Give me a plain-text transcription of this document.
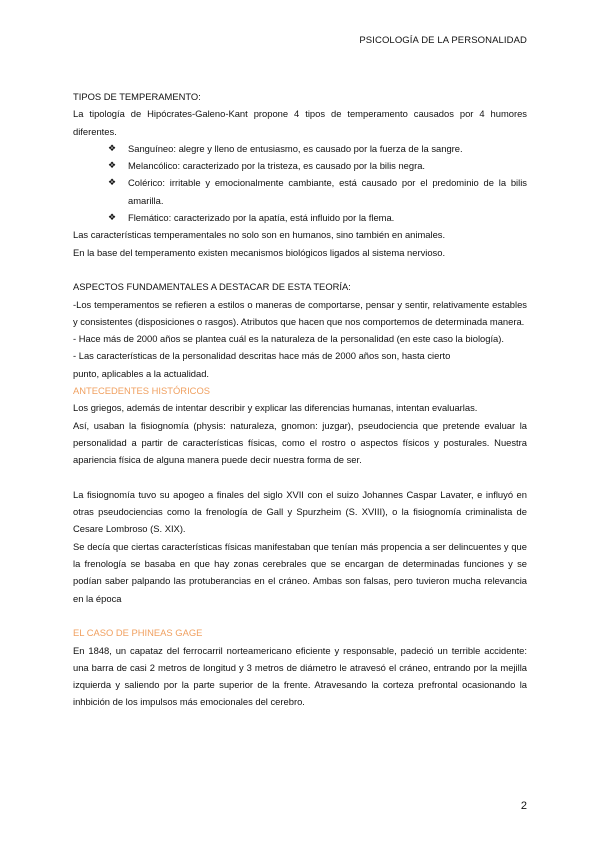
PSICOLOGÍA DE LA PERSONALIDAD

TIPOS DE TEMPERAMENTO:

La tipología de Hipócrates-Galeno-Kant propone 4 tipos de temperamento causados por 4 humores diferentes.

❖ Sanguíneo: alegre y lleno de entusiasmo, es causado por la fuerza de la sangre.
❖ Melancólico: caracterizado por la tristeza, es causado por la bilis negra.
❖ Colérico: irritable y emocionalmente cambiante, está causado por el predominio de la bilis amarilla.
❖ Flemático: caracterizado por la apatía, está influido por la flema.

Las características temperamentales no solo son en humanos, sino también en animales.

En la base del temperamento existen mecanismos biológicos ligados al sistema nervioso.

ASPECTOS FUNDAMENTALES A DESTACAR DE ESTA TEORÍA:

-Los temperamentos se refieren a estilos o maneras de comportarse, pensar y sentir, relativamente estables y consistentes (disposiciones o rasgos). Atributos que hacen que nos comportemos de determinada manera.

- Hace más de 2000 años se plantea cuál es la naturaleza de la personalidad (en este caso la biología).

- Las características de la personalidad descritas hace más de 2000 años son, hasta cierto

punto, aplicables a la actualidad.

ANTECEDENTES HISTÓRICOS

Los griegos, además de intentar describir y explicar las diferencias humanas, intentan evaluarlas.

Así, usaban la fisiognomía (physis: naturaleza, gnomon: juzgar), pseudociencia que pretende evaluar la personalidad a partir de características físicas, como el rostro o aspectos físicos y posturales. Nuestra apariencia física de alguna manera puede decir nuestra forma de ser.

La fisiognomía tuvo su apogeo a finales del siglo XVII con el suizo Johannes Caspar Lavater, e influyó en otras pseudociencias como la frenología de Gall y Spurzheim (S. XVIII), o la fisiognomía criminalista de Cesare Lombroso (S. XIX).

Se decía que ciertas características físicas manifestaban que tenían más propencia a ser delincuentes y que la frenología se basaba en que hay zonas cerebrales que se encargan de determinadas funciones y se podían saber palpando las protuberancias en el cráneo. Ambas son falsas, pero tuvieron mucha relevancia en la época

EL CASO DE PHINEAS GAGE

En 1848, un capataz del ferrocarril norteamericano eficiente y responsable, padeció un terrible accidente: una barra de casi 2 metros de longitud y 3 metros de diámetro le atravesó el cráneo, entrando por la mejilla izquierda y saliendo por la parte superior de la frente. Atravesando la corteza prefrontal ocasionando la inhbición de los impulsos más emocionales del cerebro.

2
